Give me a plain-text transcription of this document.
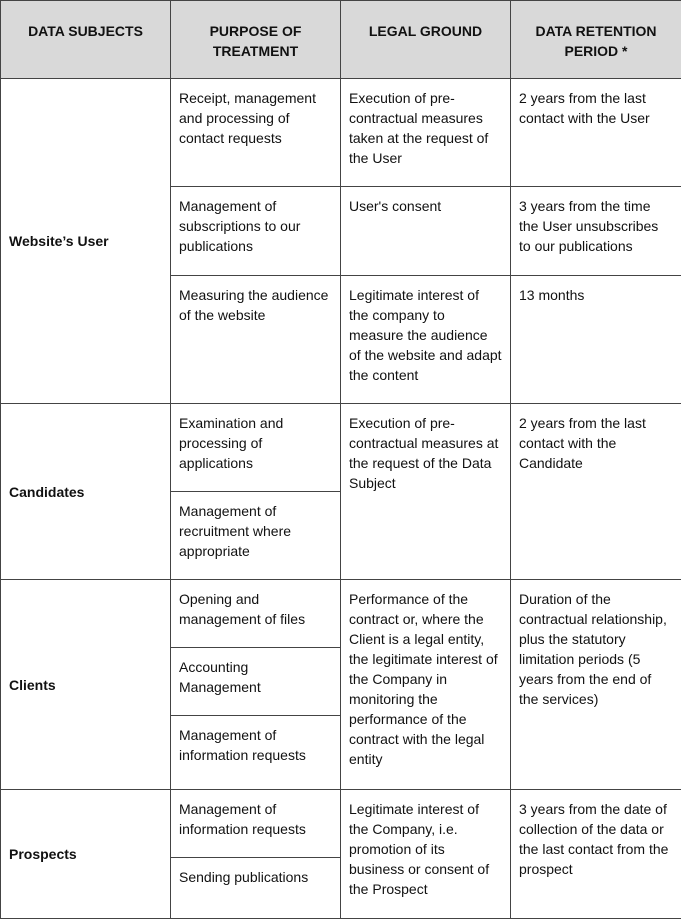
DATA SUBJECTS	PURPOSE OF TREATMENT	LEGAL GROUND	DATA RETENTION PERIOD *
Website’s User	Receipt, management and processing of contact requests	Execution of pre-contractual measures taken at the request of the User	2 years from the last contact with the User
	Management of subscriptions to our publications	User's consent	3 years from the time the User unsubscribes to our publications
	Measuring the audience of the website	Legitimate interest of the company to measure the audience of the website and adapt the content	13 months
Candidates	Examination and processing of applications	Execution of pre-contractual measures at the request of the Data Subject	2 years from the last contact with the Candidate
	Management of recruitment where appropriate		
Clients	Opening and management of files	Performance of the contract or, where the Client is a legal entity, the legitimate interest of the Company in monitoring the performance of the contract with the legal entity	Duration of the contractual relationship, plus the statutory limitation periods (5 years from the end of the services)
	Accounting Management		
	Management of information requests		
Prospects	Management of information requests	Legitimate interest of the Company, i.e. promotion of its business or consent of the Prospect	3 years from the date of collection of the data or the last contact from the prospect
	Sending publications		
